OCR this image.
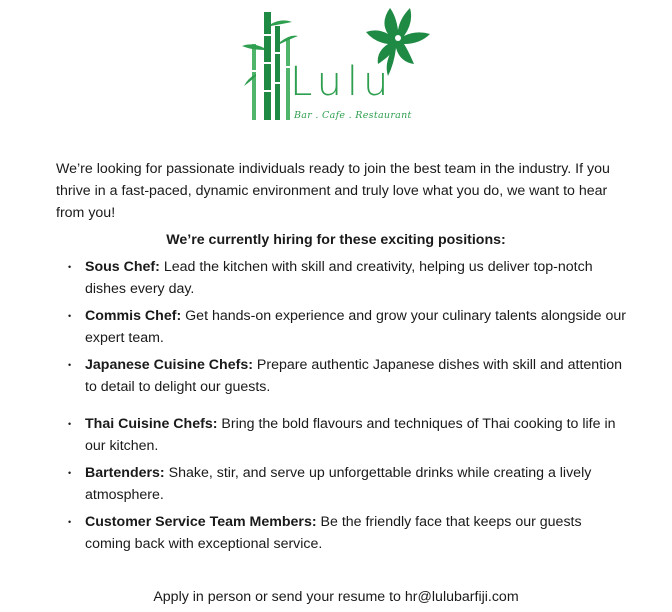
Lulu
Bar . Cafe . Restaurant

We’re looking for passionate individuals ready to join the best team in the industry. If you thrive in a fast-paced, dynamic environment and truly love what you do, we want to hear from you!

We’re currently hiring for these exciting positions:
• Sous Chef: Lead the kitchen with skill and creativity, helping us deliver top-notch dishes every day.
• Commis Chef: Get hands-on experience and grow your culinary talents alongside our expert team.
• Japanese Cuisine Chefs: Prepare authentic Japanese dishes with skill and attention to detail to delight our guests.
• Thai Cuisine Chefs: Bring the bold flavours and techniques of Thai cooking to life in our kitchen.
• Bartenders: Shake, stir, and serve up unforgettable drinks while creating a lively atmosphere.
• Customer Service Team Members: Be the friendly face that keeps our guests coming back with exceptional service.
Apply in person or send your resume to hr@lulubarfiji.com
